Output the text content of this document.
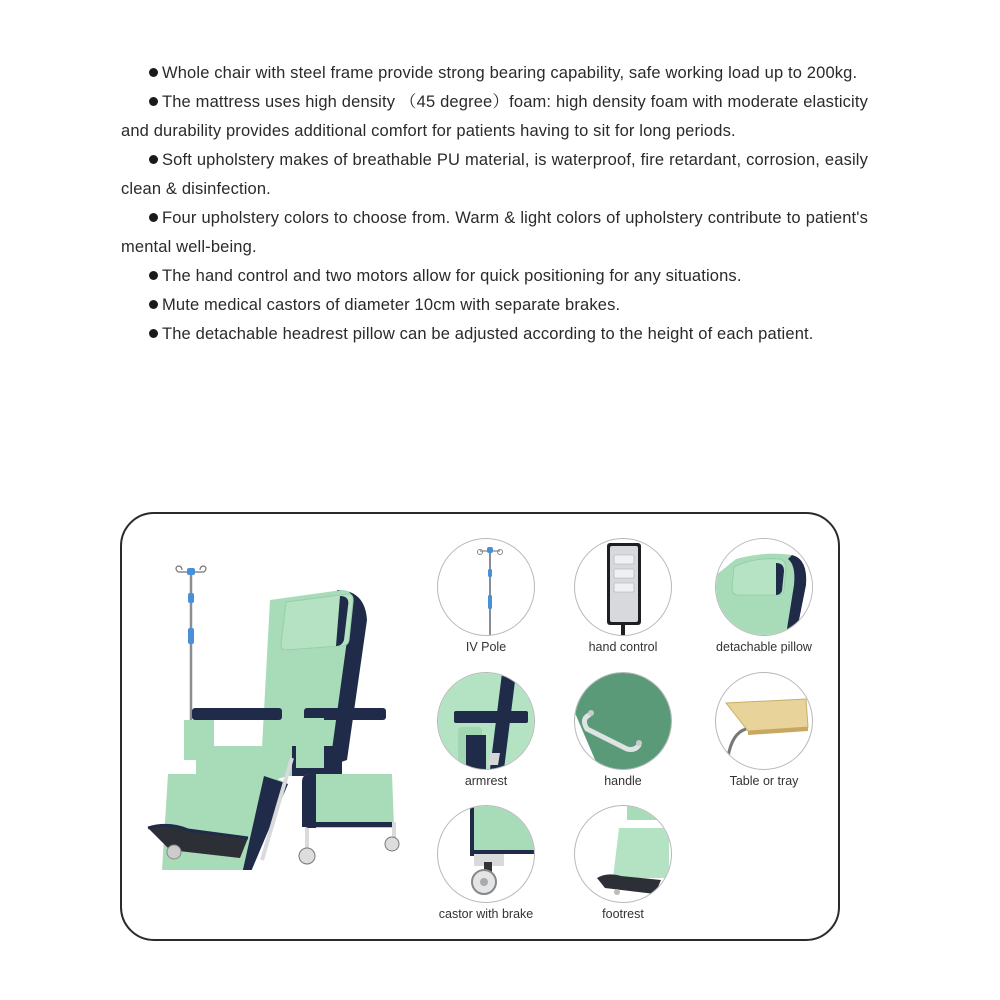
Whole chair with steel frame provide strong bearing capability, safe working load up to 200kg.
The mattress uses high density （45 degree）foam: high density foam with moderate elasticity and durability provides additional comfort for patients having to sit for long periods.
Soft upholstery makes of breathable PU material, is waterproof, fire retardant, corrosion, easily clean & disinfection.
Four upholstery colors to choose from. Warm & light colors of upholstery contribute to patient's mental well-being.
The hand control and two motors allow for quick positioning for any situations.
Mute medical castors of diameter 10cm with separate brakes.
The detachable headrest pillow can be adjusted according to the height of each patient.
IV Pole	hand control	detachable pillow
armrest	handle	Table or tray
castor with brake	footrest
